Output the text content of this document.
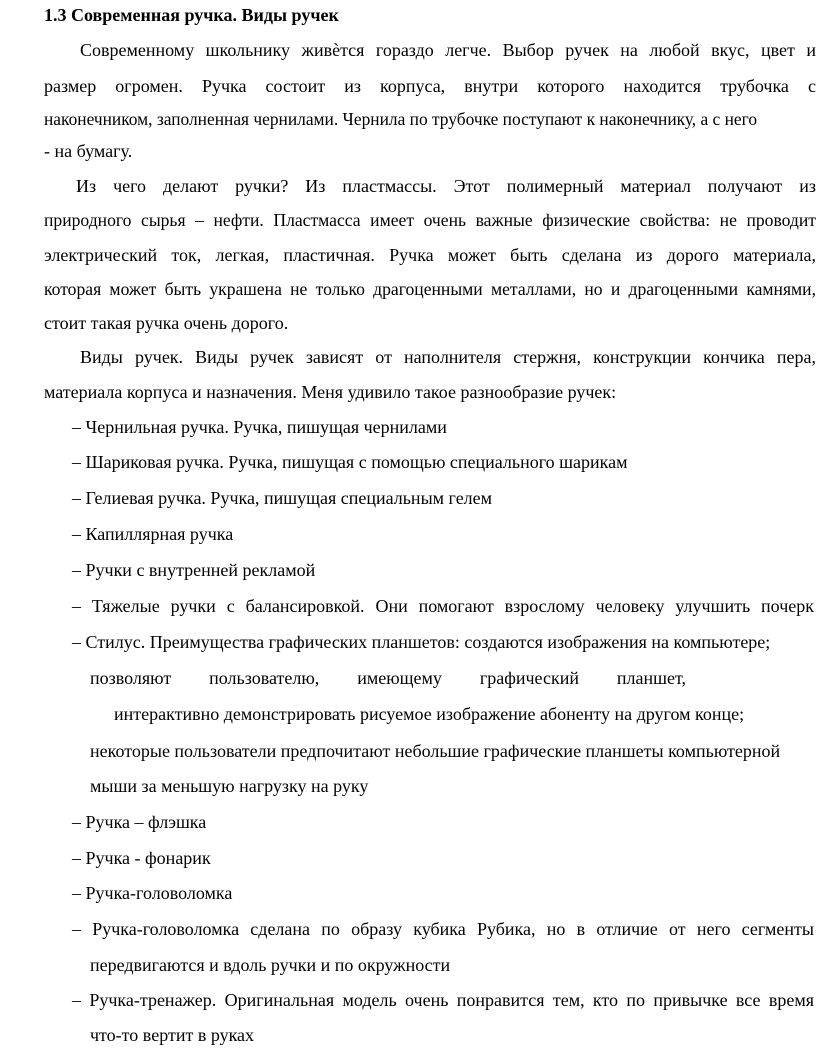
1.3 Современная ручка. Виды ручек
Современному школьнику живѐтся гораздо легче. Выбор ручек на любой вкус, цвет и
размер огромен. Ручка состоит из корпуса, внутри которого находится трубочка с
наконечником, заполненная чернилами. Чернила по трубочке поступают к наконечнику, а с него
- на бумагу.
Из чего делают ручки? Из пластмассы. Этот полимерный материал получают из
природного сырья – нефти. Пластмасса имеет очень важные физические свойства: не проводит
электрический ток, легкая, пластичная. Ручка может быть сделана из дорого материала,
которая может быть украшена не только драгоценными металлами, но и драгоценными камнями,
стоит такая ручка очень дорого.
Виды ручек. Виды ручек зависят от наполнителя стержня, конструкции кончика пера,
материала корпуса и назначения. Меня удивило такое разнообразие ручек:
– Чернильная ручка. Ручка, пишущая чернилами
– Шариковая ручка. Ручка, пишущая с помощью специального шарикам
– Гелиевая ручка. Ручка, пишущая специальным гелем
– Капиллярная ручка
– Ручки с внутренней рекламой
– Тяжелые ручки с балансировкой. Они помогают взрослому человеку улучшить почерк
– Стилус. Преимущества графических планшетов: создаются изображения на компьютере;
позволяют пользователю, имеющему графический планшет,
интерактивно демонстрировать рисуемое изображение абоненту на другом конце;
некоторые пользователи предпочитают небольшие графические планшеты компьютерной
мыши за меньшую нагрузку на руку
– Ручка – флэшка
– Ручка - фонарик
– Ручка-головоломка
– Ручка-головоломка сделана по образу кубика Рубика, но в отличие от него сегменты
передвигаются и вдоль ручки и по окружности
– Ручка-тренажер. Оригинальная модель очень понравится тем, кто по привычке все время
что-то вертит в руках
